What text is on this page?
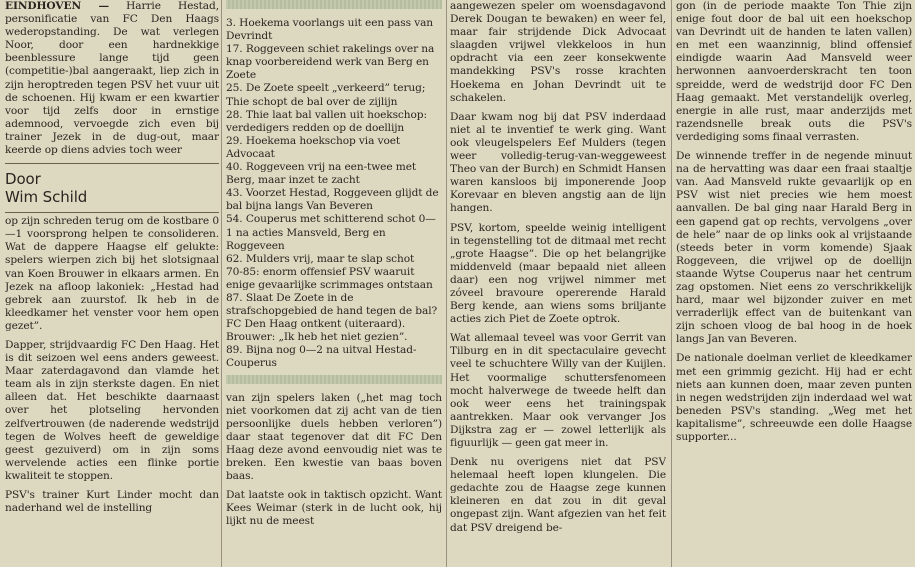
EINDHOVEN — Harrie Hestad, personificatie van FC Den Haags wederopstanding. De wat verlegen Noor, door een hardnekkige beenblessure lange tijd geen (competitie-)bal aangeraakt, liep zich in zijn heroptreden tegen PSV het vuur uit de schoenen. Hij kwam er een kwartier voor tijd zelfs door in ernstige ademnood, vervoegde zich even bij trainer Jezek in de dug-out, maar keerde op diens advies toch weer

Door
Wim Schild

op zijn schreden terug om de kostbare 0—1 voorsprong helpen te consolideren. Wat de dappere Haagse elf gelukte: spelers wierpen zich bij het slotsignaal van Koen Brouwer in elkaars armen. En Jezek na afloop lakoniek: „Hestad had gebrek aan zuurstof. Ik heb in de kleedkamer het venster voor hem open gezet”.

Dapper, strijdvaardig FC Den Haag. Het is dit seizoen wel eens anders geweest. Maar zaterdagavond dan vlamde het team als in zijn sterkste dagen. En niet alleen dat. Het beschikte daarnaast over het plotseling hervonden zelfvertrouwen (de naderende wedstrijd tegen de Wolves heeft de geweldige geest gezuiverd) om in zijn soms wervelende acties een flinke portie kwaliteit te stoppen.

PSV's trainer Kurt Linder mocht dan naderhand wel de instelling

3. Hoekema voorlangs uit een pass van Devrindt

17. Roggeveen schiet rakelings over na knap voorbereidend werk van Berg en Zoete

25. De Zoete speelt „verkeerd” terug; Thie schopt de bal over de zijlijn

28. Thie laat bal vallen uit hoekschop: verdedigers redden op de doellijn

29. Hoekema hoekschop via voet Advocaat

40. Roggeveen vrij na een-twee met Berg, maar inzet te zacht

43. Voorzet Hestad, Roggeveen glijdt de bal bijna langs Van Beveren

54. Couperus met schitterend schot 0—1 na acties Mansveld, Berg en Roggeveen

62. Mulders vrij, maar te slap schot

70-85: enorm offensief PSV waaruit enige gevaarlijke scrimmages ontstaan

87. Slaat De Zoete in de strafschopgebied de hand tegen de bal? FC Den Haag ontkent (uiteraard). Brouwer: „Ik heb het niet gezien”.

89. Bijna nog 0—2 na uitval Hestad-Couperus

van zijn spelers laken („het mag toch niet voorkomen dat zij acht van de tien persoonlijke duels hebben verloren”) daar staat tegenover dat dit FC Den Haag deze avond eenvoudig niet was te breken. Een kwestie van baas boven baas.

Dat laatste ook in taktisch opzicht. Want Kees Weimar (sterk in de lucht ook, hij lijkt nu de meest

aangewezen speler om woensdagavond Derek Dougan te bewaken) en weer fel, maar fair strijdende Dick Advocaat slaagden vrijwel vlekkeloos in hun opdracht via een zeer konsekwente mandekking PSV's rosse krachten Hoekema en Johan Devrindt uit te schakelen.

Daar kwam nog bij dat PSV inderdaad niet al te inventief te werk ging. Want ook vleugelspelers Eef Mulders (tegen weer volledig-terug-van-weggeweest Theo van der Burch) en Schmidt Hansen waren kansloos bij imponerende Joop Korevaar en bleven angstig aan de lijn hangen.

PSV, kortom, speelde weinig intelligent in tegenstelling tot de ditmaal met recht „grote Haagse”. Die op het belangrijke middenveld (maar bepaald niet alleen daar) een nog vrijwel nimmer met zóveel bravoure opererende Harald Berg kende, aan wiens soms briljante acties zich Piet de Zoete optrok.

Wat allemaal teveel was voor Gerrit van Tilburg en in dit spectaculaire gevecht veel te schuchtere Willy van der Kuijlen. Het voormalige schuttersfenomeen mocht halverwege de tweede helft dan ook weer eens het trainingspak aantrekken. Maar ook vervanger Jos Dijkstra zag er — zowel letterlijk als figuurlijk — geen gat meer in.

Denk nu overigens niet dat PSV helemaal heeft lopen klungelen. Die gedachte zou de Haagse zege kunnen kleineren en dat zou in dit geval ongepast zijn. Want afgezien van het feit dat PSV dreigend be-

gon (in de periode maakte Ton Thie zijn enige fout door de bal uit een hoekschop van Devrindt uit de handen te laten vallen) en met een waanzinnig, blind offensief eindigde waarin Aad Mansveld weer herwonnen aanvoerderskracht ten toon spreidde, werd de wedstrijd door FC Den Haag gemaakt. Met verstandelijk overleg, energie in alle rust, maar anderzijds met razendsnelle break outs die PSV's verdediging soms finaal verrasten.

De winnende treffer in de negende minuut na de hervatting was daar een fraai staaltje van. Aad Mansveld rukte gevaarlijk op en PSV wist niet precies wie hem moest aanvallen. De bal ging naar Harald Berg in een gapend gat op rechts, vervolgens „over de hele” naar de op links ook al vrijstaande (steeds beter in vorm komende) Sjaak Roggeveen, die vrijwel op de doellijn staande Wytse Couperus naar het centrum zag opstomen. Niet eens zo verschrikkelijk hard, maar wel bijzonder zuiver en met verraderlijk effect van de buitenkant van zijn schoen vloog de bal hoog in de hoek langs Jan van Beveren.

De nationale doelman verliet de kleedkamer met een grimmig gezicht. Hij had er echt niets aan kunnen doen, maar zeven punten in negen wedstrijden zijn inderdaad wel wat beneden PSV's standing. „Weg met het kapitalisme”, schreeuwde een dolle Haagse supporter...
